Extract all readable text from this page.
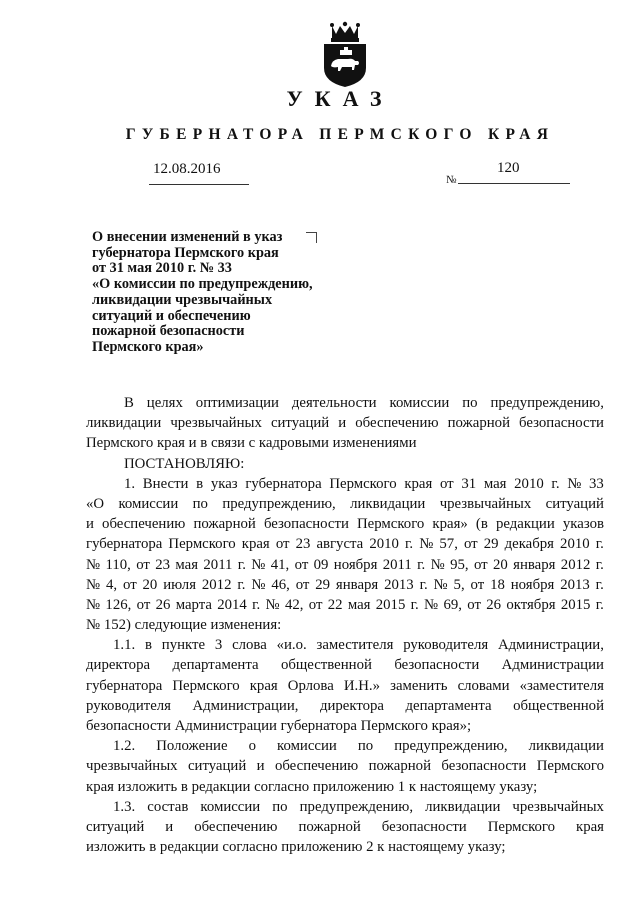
УКАЗ
ГУБЕРНАТОРА ПЕРМСКОГО КРАЯ
12.08.2016
№
120
О внесении изменений в указ
губернатора Пермского края
от 31 мая 2010 г. № 33
«О комиссии по предупреждению,
ликвидации чрезвычайных
ситуаций и обеспечению
пожарной безопасности
Пермского края»
В целях оптимизации деятельности комиссии по предупреждению,
ликвидации чрезвычайных ситуаций и обеспечению пожарной безопасности
Пермского края и в связи с кадровыми изменениями
ПОСТАНОВЛЯЮ:
1. Внести в указ губернатора Пермского края от 31 мая 2010 г. № 33
«О комиссии по предупреждению, ликвидации чрезвычайных ситуаций
и обеспечению пожарной безопасности Пермского края» (в редакции указов
губернатора Пермского края от 23 августа 2010 г. № 57, от 29 декабря 2010 г.
№ 110, от 23 мая 2011 г. № 41, от 09 ноября 2011 г. № 95, от 20 января 2012 г.
№ 4, от 20 июля 2012 г. № 46, от 29 января 2013 г. № 5, от 18 ноября 2013 г.
№ 126, от 26 марта 2014 г. № 42, от 22 мая 2015 г. № 69, от 26 октября 2015 г.
№ 152) следующие изменения:
1.1. в пункте 3 слова «и.о. заместителя руководителя Администрации,
директора департамента общественной безопасности Администрации
губернатора Пермского края Орлова И.Н.» заменить словами «заместителя
руководителя Администрации, директора департамента общественной
безопасности Администрации губернатора Пермского края»;
1.2. Положение о комиссии по предупреждению, ликвидации
чрезвычайных ситуаций и обеспечению пожарной безопасности Пермского
края изложить в редакции согласно приложению 1 к настоящему указу;
1.3. состав комиссии по предупреждению, ликвидации чрезвычайных
ситуаций и обеспечению пожарной безопасности Пермского края
изложить в редакции согласно приложению 2 к настоящему указу;
